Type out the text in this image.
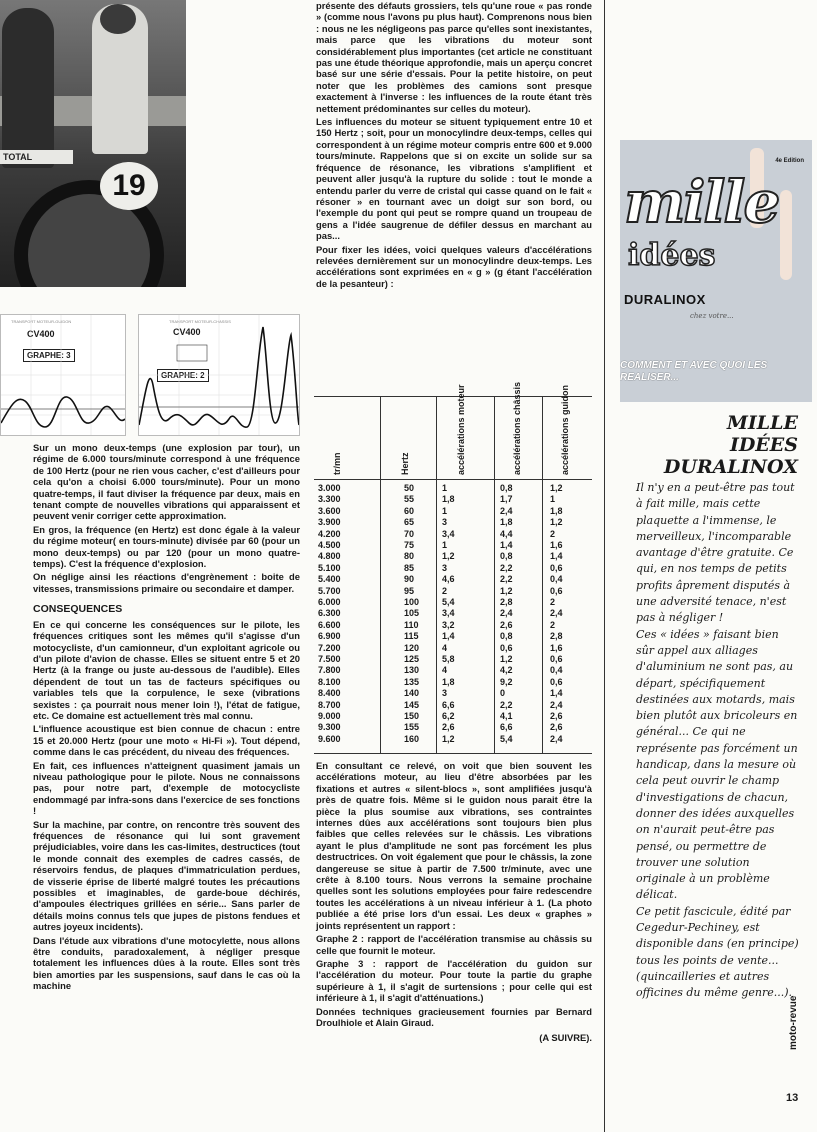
TOTAL
19
TRANSPORT MOTEUR-GUIDON
CV400
GRAPHE: 3
TRANSPORT MOTEUR-CHASSIS
CV400
GRAPHE: 2

Sur un mono deux-temps (une explosion par tour), un régime de 6.000 tours/minute correspond à une fréquence de 100 Hertz (pour ne rien vous cacher, c'est d'ailleurs pour cela qu'on a choisi 6.000 tours/minute). Pour un mono quatre-temps, il faut diviser la fréquence par deux, mais en tenant compte de nouvelles vibrations qui apparaissent et peuvent venir corriger cette approximation.

En gros, la fréquence (en Hertz) est donc égale à la valeur du régime moteur( en tours-minute) divisée par 60 (pour un mono deux-temps) ou par 120 (pour un mono quatre-temps). C'est la fréquence d'explosion.

On néglige ainsi les réactions d'engrènement : boite de vitesses, transmissions primaire ou secondaire et damper.

CONSEQUENCES

En ce qui concerne les conséquences sur le pilote, les fréquences critiques sont les mêmes qu'il s'agisse d'un motocycliste, d'un camionneur, d'un exploitant agricole ou d'un pilote d'avion de chasse. Elles se situent entre 5 et 20 Hertz (à la frange ou juste au-dessous de l'audible). Elles dépendent de tout un tas de facteurs spécifiques ou variables tels que la corpulence, le sexe (vibrations sexistes : ça pourrait nous mener loin !), l'état de fatigue, etc. Ce domaine est actuellement très mal connu.

L'influence acoustique est bien connue de chacun : entre 15 et 20.000 Hertz (pour une moto « Hi-Fi »). Tout dépend, comme dans le cas précédent, du niveau des fréquences.

En fait, ces influences n'atteignent quasiment jamais un niveau pathologique pour le pilote. Nous ne connaissons pas, pour notre part, d'exemple de motocycliste endommagé par infra-sons dans l'exercice de ses fonctions !

Sur la machine, par contre, on rencontre très souvent des fréquences de résonance qui lui sont gravement préjudiciables, voire dans les cas-limites, destructices (tout le monde connait des exemples de cadres cassés, de réservoirs fendus, de plaques d'immatriculation perdues, de visserie éprise de liberté malgré toutes les précautions possibles et imaginables, de garde-boue déchirés, d'ampoules électriques grillées en série... Sans parler de détails moins connus tels que jupes de pistons fendues et autres joyeux incidents).

Dans l'étude aux vibrations d'une motocylette, nous allons être conduits, paradoxalement, à négliger presque totalement les influences dûes à la route. Elles sont très bien amorties par les suspensions, sauf dans le cas où la machine

présente des défauts grossiers, tels qu'une roue « pas ronde » (comme nous l'avons pu plus haut). Comprenons nous bien : nous ne les négligeons pas parce qu'elles sont inexistantes, mais parce que les vibrations du moteur sont considérablement plus importantes (cet article ne constituant pas une étude théorique approfondie, mais un aperçu concret basé sur une série d'essais. Pour la petite histoire, on peut noter que les problèmes des camions sont presque exactement à l'inverse : les influences de la route étant très nettement prédominantes sur celles du moteur).

Les influences du moteur se situent typiquement entre 10 et 150 Hertz ; soit, pour un monocylindre deux-temps, celles qui correspondent à un régime moteur compris entre 600 et 9.000 tours/minute. Rappelons que si on excite un solide sur sa fréquence de résonance, les vibrations s'amplifient et peuvent aller jusqu'à la rupture du solide : tout le monde a entendu parler du verre de cristal qui casse quand on le fait « résoner » en tournant avec un doigt sur son bord, ou l'exemple du pont qui peut se rompre quand un troupeau de gens a l'idée saugrenue de défiler dessus en marchant au pas...

Pour fixer les idées, voici quelques valeurs d'accélérations relevées dernièrement sur un monocylindre deux-temps. Les accélérations sont exprimées en « g » (g étant l'accélération de la pesanteur) :

tr/mn	Hertz	accélérations moteur	accélérations châssis	accélérations guidon
3.000	50	1	0,8	1,2
3.300	55	1,8	1,7	1
3.600	60	1	2,4	1,8
3.900	65	3	1,8	1,2
4.200	70	3,4	4,4	2
4.500	75	1	1,4	1,6
4.800	80	1,2	0,8	1,4
5.100	85	3	2,2	0,6
5.400	90	4,6	2,2	0,4
5.700	95	2	1,2	0,6
6.000	100	5,4	2,8	2
6.300	105	3,4	2,4	2,4
6.600	110	3,2	2,6	2
6.900	115	1,4	0,8	2,8
7.200	120	4	0,6	1,6
7.500	125	5,8	1,2	0,6
7.800	130	4	4,2	0,4
8.100	135	1,8	9,2	0,6
8.400	140	3	0	1,4
8.700	145	6,6	2,2	2,4
9.000	150	6,2	4,1	2,6
9.300	155	2,6	6,6	2,6
9.600	160	1,2	5,4	2,4

En consultant ce relevé, on voit que bien souvent les accélérations moteur, au lieu d'être absorbées par les fixations et autres « silent-blocs », sont amplifiées jusqu'à près de quatre fois. Même si le guidon nous parait être la pièce la plus soumise aux vibrations, ses contraintes internes dûes aux accélérations sont toujours bien plus faibles que celles relevées sur le châssis. Les vibrations ayant le plus d'amplitude ne sont pas forcément les plus destructrices. On voit également que pour le châssis, la zone dangereuse se situe à partir de 7.500 tr/minute, avec une crête à 8.100 tours. Nous verrons la semaine prochaine quelles sont les solutions employées pour faire redescendre toutes les accélérations à un niveau inférieur à 1. (La photo publiée a été prise lors d'un essai. Les deux « graphes » joints représentent un rapport :

Graphe 2 : rapport de l'accélération transmise au châssis su celle que fournit le moteur.

Graphe 3 : rapport de l'accélération du guidon sur l'accélération du moteur. Pour toute la partie du graphe supérieure à 1, il s'agit de surtensions ; pour celle qui est inférieure à 1, il s'agit d'atténuations.)

Données techniques gracieusement fournies par Bernard Droulhiole et Alain Giraud.

(A SUIVRE).

4e Edition
mille
idées
DURALINOX
chez votre...
COMMENT ET AVEC QUOI LES REALISER...
MILLE
IDÉES
DURALINOX

Il n'y en a peut-être pas tout à fait mille, mais cette plaquette a l'immense, le merveilleux, l'incomparable avantage d'être gratuite. Ce qui, en nos temps de petits profits âprement disputés à une adversité tenace, n'est pas à négliger !

Ces « idées » faisant bien sûr appel aux alliages d'aluminium ne sont pas, au départ, spécifiquement destinées aux motards, mais bien plutôt aux bricoleurs en général... Ce qui ne représente pas forcément un handicap, dans la mesure où cela peut ouvrir le champ d'investigations de chacun, donner des idées auxquelles on n'aurait peut-être pas pensé, ou permettre de trouver une solution originale à un problème délicat.

Ce petit fascicule, édité par Cegedur-Pechiney, est disponible dans (en principe) tous les points de vente... (quincailleries et autres officines du même genre...).

moto-revue
13
